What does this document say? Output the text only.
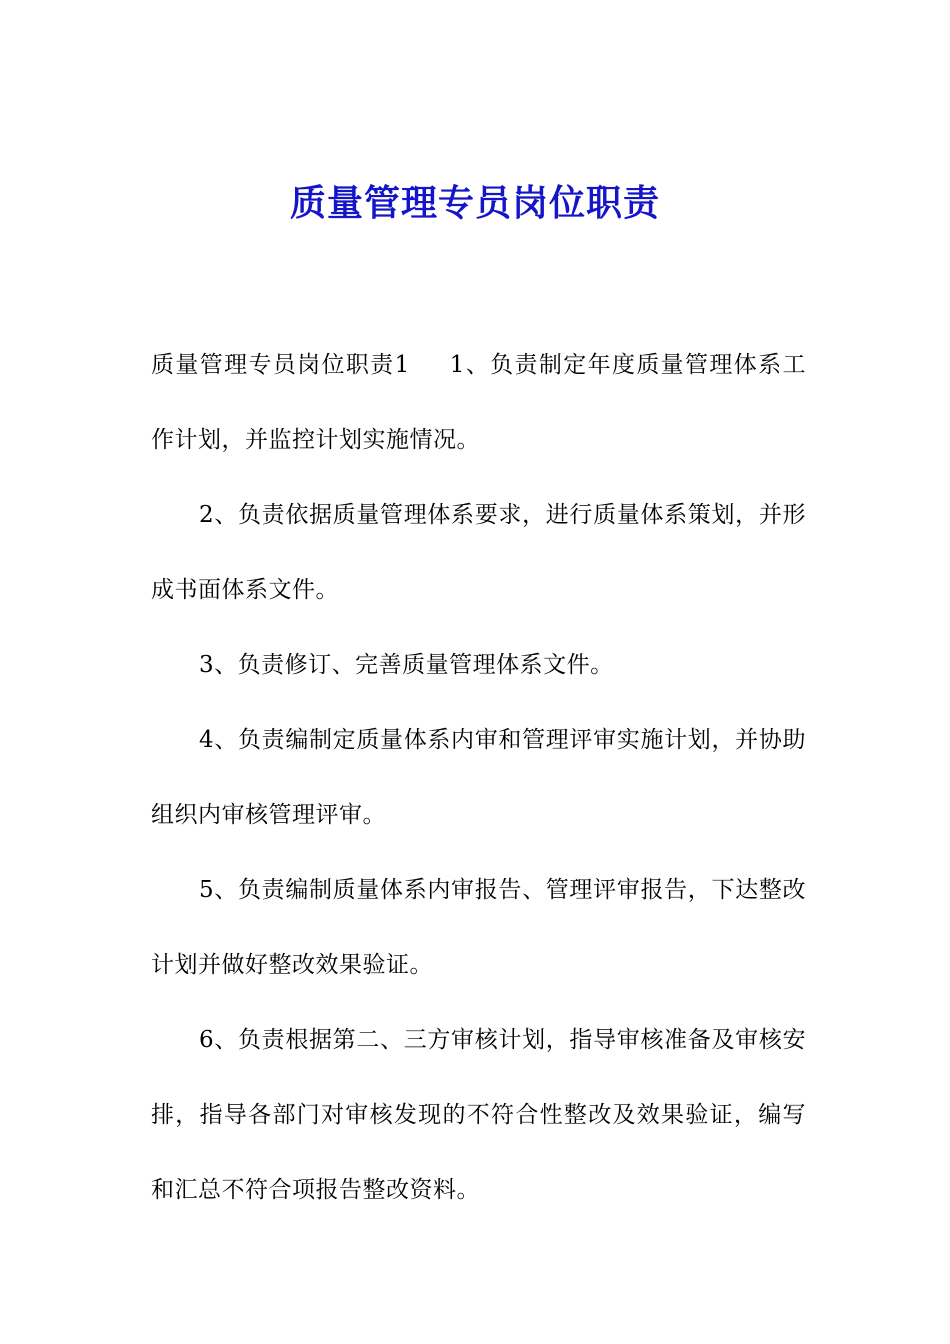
质量管理专员岗位职责

质量管理专员岗位职责1 1、负责制定年度质量管理体系工作计划，并监控计划实施情况。

2、负责依据质量管理体系要求，进行质量体系策划，并形成书面体系文件。

3、负责修订、完善质量管理体系文件。

4、负责编制定质量体系内审和管理评审实施计划，并协助组织内审核管理评审。

5、负责编制质量体系内审报告、管理评审报告，下达整改计划并做好整改效果验证。

6、负责根据第二、三方审核计划，指导审核准备及审核安排，指导各部门对审核发现的不符合性整改及效果验证，编写和汇总不符合项报告整改资料。
